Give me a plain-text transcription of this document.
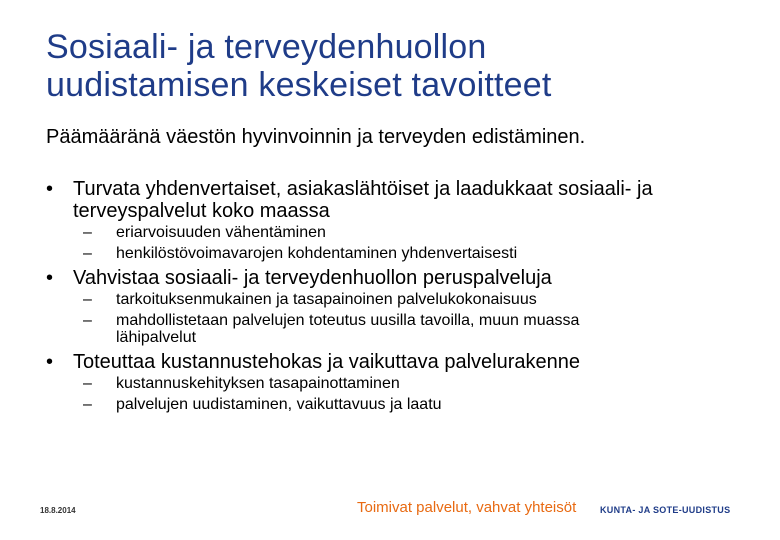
Sosiaali- ja terveydenhuollon
uudistamisen keskeiset tavoitteet

Päämääränä väestön hyvinvoinnin ja terveyden edistäminen.

• Turvata yhdenvertaiset, asiakaslähtöiset ja laadukkaat sosiaali- ja terveyspalvelut koko maassa
– eriarvoisuuden vähentäminen
– henkilöstövoimavarojen kohdentaminen yhdenvertaisesti
• Vahvistaa sosiaali- ja terveydenhuollon peruspalveluja
– tarkoituksenmukainen ja tasapainoinen palvelukokonaisuus
– mahdollistetaan palvelujen toteutus uusilla tavoilla, muun muassa lähipalvelut
• Toteuttaa kustannustehokas ja vaikuttava palvelurakenne
– kustannuskehityksen tasapainottaminen
– palvelujen uudistaminen, vaikuttavuus ja laatu
18.8.2014	Toimivat palvelut, vahvat yhteisöt	KUNTA- JA SOTE-UUDISTUS
